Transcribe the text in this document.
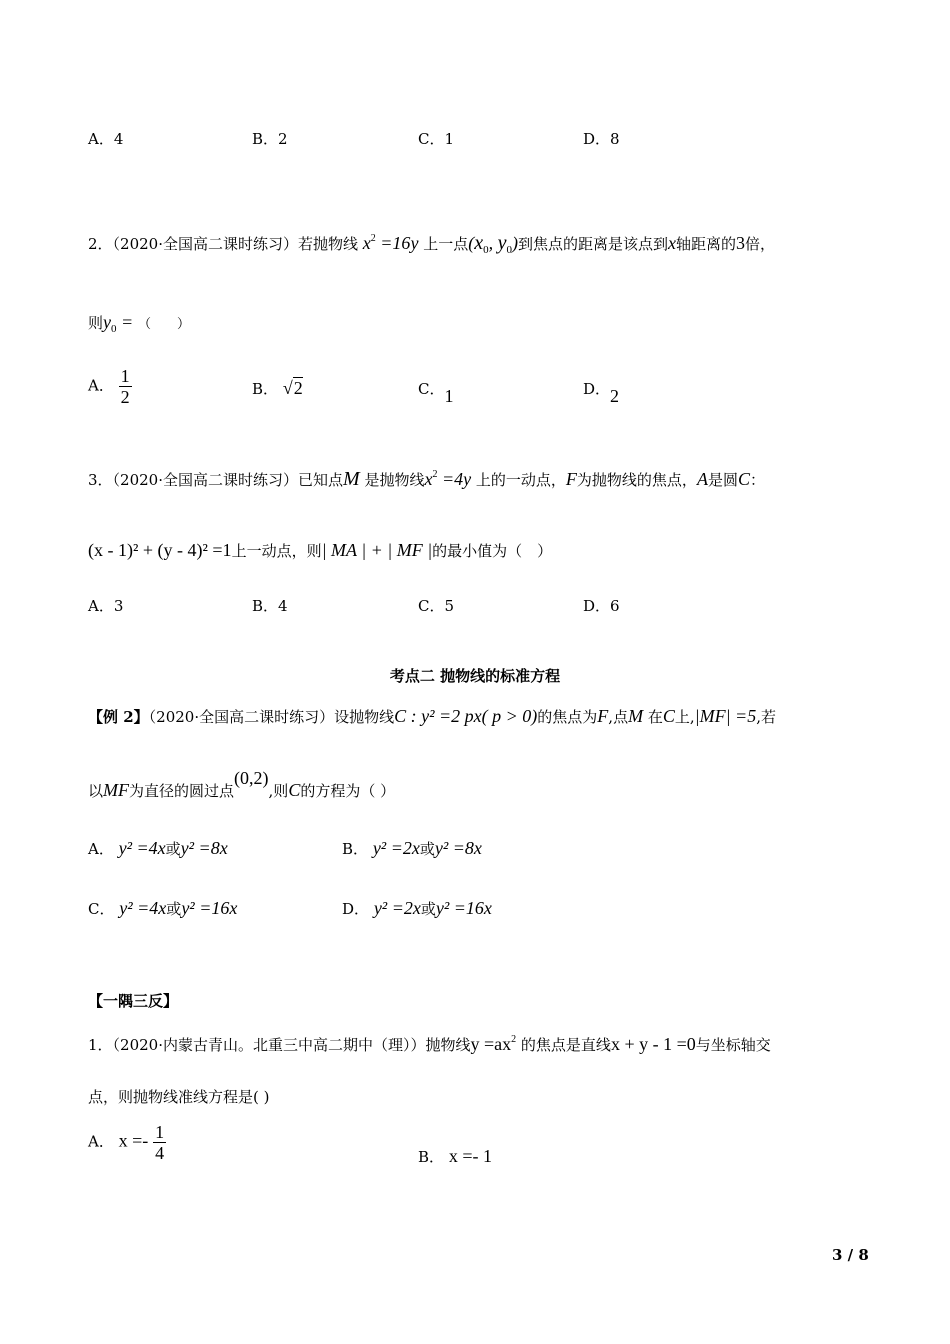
A．4	B．2	C．1	D．8
2．（2020·全国高二课时练习）若抛物线 $x^2 =16y$ 上一点($x_0$, $y_0$)到焦点的距离是该点到x轴距离的3倍，
则$y_0$ = （　　）
A． $\frac{1}{2}$	B． √2	C．1	D．2
3．（2020·全国高二课时练习）已知点M 是抛物线$x^2 =4y$ 上的一动点，F为抛物线的焦点，A是圆C：
(x - 1)² + (y - 4)² =1上一动点，则| MA | + | MF |的最小值为（　）
A．3	B．4	C．5	D．6
考点二 抛物线的标准方程
【例 2】（2020·全国高二课时练习）设抛物线C : y² =2 px( p > 0)的焦点为F,点M 在C上,|MF| =5,若
以MF为直径的圆过点(0,2),则C的方程为（ ）
A． y² =4x或y² =8x	B． y² =2x或y² =8x
C． y² =4x或y² =16x	D． y² =2x或y² =16x
【一隅三反】
1．（2020·内蒙古青山。北重三中高二期中（理））抛物线$y =ax^2$ 的焦点是直线x + y - 1 =0与坐标轴交
点，则抛物线准线方程是( )
A． $x =- \frac{1}{4}$	B． x =- 1
3 / 8
